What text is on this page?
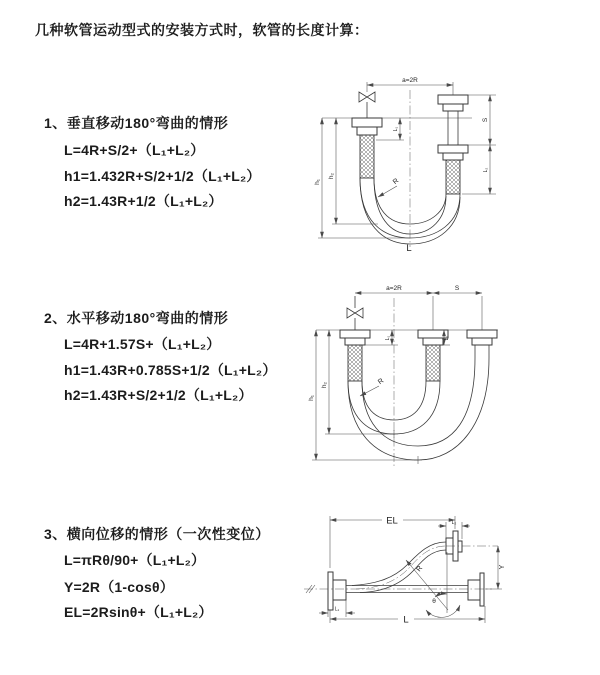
几种软管运动型式的安装方式时，软管的长度计算：
1、垂直移动180°弯曲的情形
L=4R+S/2+（L₁+L₂）
h1=1.432R+S/2+1/2（L₁+L₂）
h2=1.43R+1/2（L₁+L₂）
2、水平移动180°弯曲的情形
L=4R+1.57S+（L₁+L₂）
h1=1.43R+0.785S+1/2（L₁+L₂）
h2=1.43R+S/2+1/2（L₁+L₂）
3、横向位移的情形（一次性变位）
L=πRθ/90+（L₁+L₂）
Y=2R（1-cosθ）
EL=2Rsinθ+（L₁+L₂）
a=2R
h₁
h₂
L₁
S
L₂
R
L
a=2R	S
h₁
h₂
L₁	L₂
R
θ
R
EL	L₂
Y
L
L₁
